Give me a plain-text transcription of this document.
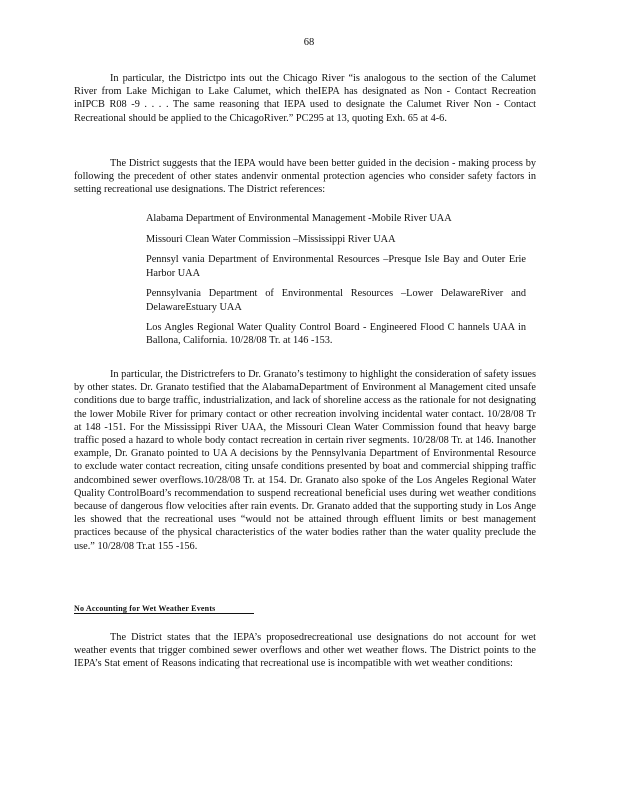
68

In particular, the Districtpo ints out the Chicago River “is analogous to the section of the Calumet River from Lake Michigan to Lake Calumet, which theIEPA has designated as Non - Contact Recreation inIPCB R08 -9 . . . . The same reasoning that IEPA used to designate the Calumet River Non - Contact Recreational should be applied to the ChicagoRiver.” PC295 at 13, quoting Exh. 65 at 4-6.

The District suggests that the IEPA would have been better guided in the decision - making process by following the precedent of other states andenvir onmental protection agencies who consider safety factors in setting recreational use designations. The District references:

Alabama Department of Environmental Management -Mobile River UAA
Missouri Clean Water Commission –Mississippi River UAA
Pennsyl vania Department of Environmental Resources –Presque Isle Bay and Outer Erie Harbor UAA
Pennsylvania Department of Environmental Resources –Lower DelawareRiver and DelawareEstuary UAA
Los Angles Regional Water Quality Control Board - Engineered Flood C hannels UAA in Ballona, California. 10/28/08 Tr. at 146 -153.

In particular, the Districtrefers to Dr. Granato’s testimony to highlight the consideration of safety issues by other states. Dr. Granato testified that the AlabamaDepartment of Environment al Management cited unsafe conditions due to barge traffic, industrialization, and lack of shoreline access as the rationale for not designating the lower Mobile River for primary contact or other recreation involving incidental water contact. 10/28/08 Tr at 148 -151. For the Mississippi River UAA, the Missouri Clean Water Commission found that heavy barge traffic posed a hazard to whole body contact recreation in certain river segments. 10/28/08 Tr. at 146. Inanother example, Dr. Granato pointed to UA A decisions by the Pennsylvania Department of Environmental Resource to exclude water contact recreation, citing unsafe conditions presented by boat and commercial shipping traffic andcombined sewer overflows.10/28/08 Tr. at 154. Dr. Granato also spoke of the Los Angeles Regional Water Quality ControlBoard’s recommendation to suspend recreational beneficial uses during wet weather conditions because of dangerous flow velocities after rain events. Dr. Granato added that the supporting study in Los Ange les showed that the recreational uses “would not be attained through effluent limits or best management practices because of the physical characteristics of the water bodies rather than the water quality preclude the use.” 10/28/08 Tr.at 155 -156.

No Accounting for Wet Weather Events

The District states that the IEPA’s proposedrecreational use designations do not account for wet weather events that trigger combined sewer overflows and other wet weather flows. The District points to the IEPA’s Stat ement of Reasons indicating that recreational use is incompatible with wet weather conditions:
